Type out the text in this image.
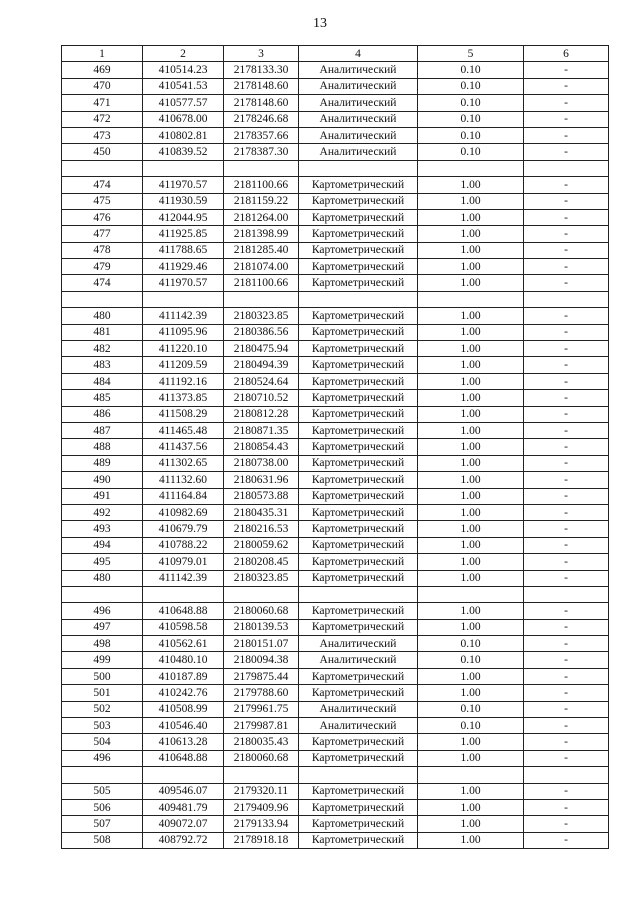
13
1	2	3	4	5	6
469	410514.23	2178133.30	Аналитический	0.10	-
470	410541.53	2178148.60	Аналитический	0.10	-
471	410577.57	2178148.60	Аналитический	0.10	-
472	410678.00	2178246.68	Аналитический	0.10	-
473	410802.81	2178357.66	Аналитический	0.10	-
450	410839.52	2178387.30	Аналитический	0.10	-

474	411970.57	2181100.66	Картометрический	1.00	-
475	411930.59	2181159.22	Картометрический	1.00	-
476	412044.95	2181264.00	Картометрический	1.00	-
477	411925.85	2181398.99	Картометрический	1.00	-
478	411788.65	2181285.40	Картометрический	1.00	-
479	411929.46	2181074.00	Картометрический	1.00	-
474	411970.57	2181100.66	Картометрический	1.00	-

480	411142.39	2180323.85	Картометрический	1.00	-
481	411095.96	2180386.56	Картометрический	1.00	-
482	411220.10	2180475.94	Картометрический	1.00	-
483	411209.59	2180494.39	Картометрический	1.00	-
484	411192.16	2180524.64	Картометрический	1.00	-
485	411373.85	2180710.52	Картометрический	1.00	-
486	411508.29	2180812.28	Картометрический	1.00	-
487	411465.48	2180871.35	Картометрический	1.00	-
488	411437.56	2180854.43	Картометрический	1.00	-
489	411302.65	2180738.00	Картометрический	1.00	-
490	411132.60	2180631.96	Картометрический	1.00	-
491	411164.84	2180573.88	Картометрический	1.00	-
492	410982.69	2180435.31	Картометрический	1.00	-
493	410679.79	2180216.53	Картометрический	1.00	-
494	410788.22	2180059.62	Картометрический	1.00	-
495	410979.01	2180208.45	Картометрический	1.00	-
480	411142.39	2180323.85	Картометрический	1.00	-

496	410648.88	2180060.68	Картометрический	1.00	-
497	410598.58	2180139.53	Картометрический	1.00	-
498	410562.61	2180151.07	Аналитический	0.10	-
499	410480.10	2180094.38	Аналитический	0.10	-
500	410187.89	2179875.44	Картометрический	1.00	-
501	410242.76	2179788.60	Картометрический	1.00	-
502	410508.99	2179961.75	Аналитический	0.10	-
503	410546.40	2179987.81	Аналитический	0.10	-
504	410613.28	2180035.43	Картометрический	1.00	-
496	410648.88	2180060.68	Картометрический	1.00	-

505	409546.07	2179320.11	Картометрический	1.00	-
506	409481.79	2179409.96	Картометрический	1.00	-
507	409072.07	2179133.94	Картометрический	1.00	-
508	408792.72	2178918.18	Картометрический	1.00	-
